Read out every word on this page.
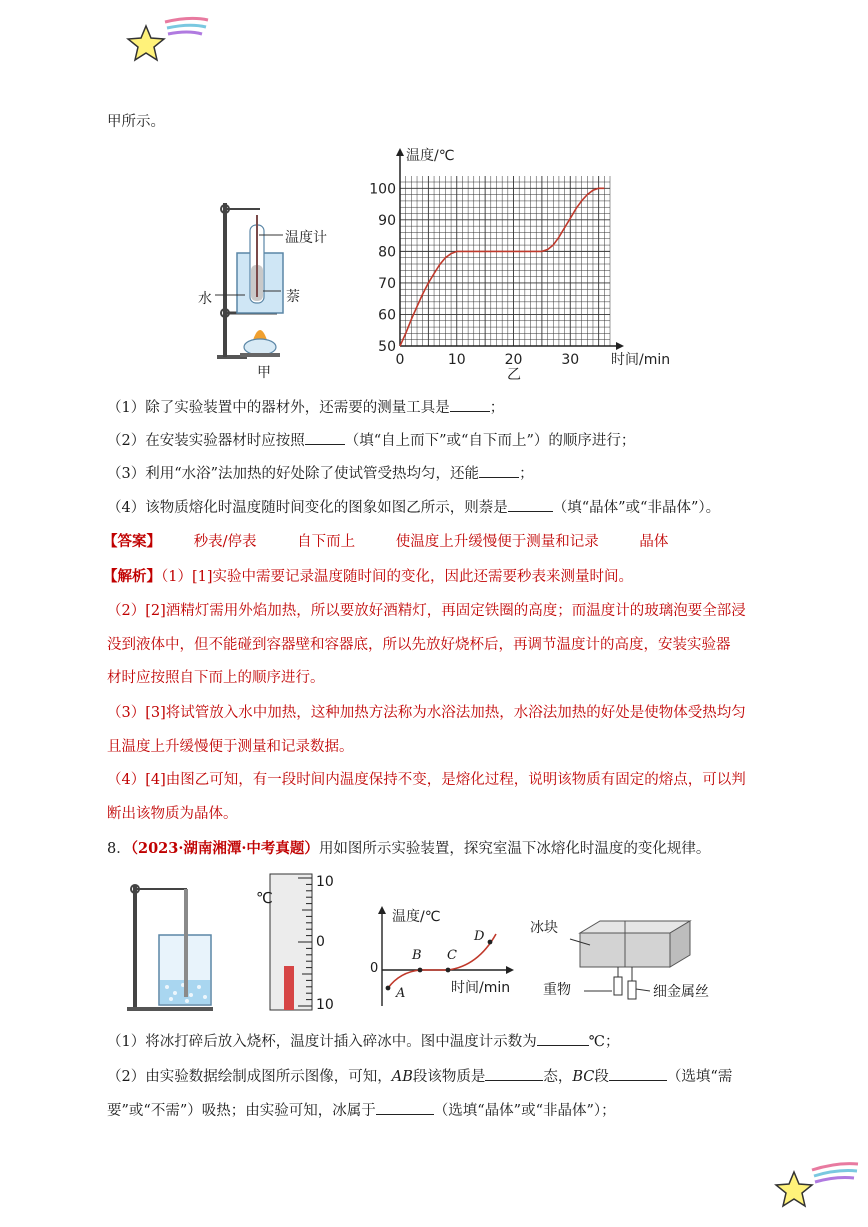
甲所示。
温度计
萘
水
甲
50
60
70
80
90
100
0	10	20	30
温度/℃
时间/min
乙
（1）除了实验装置中的器材外，还需要的测量工具是	；
（2）在安装实验器材时应按照	（填“自上而下”或“自下而上”）的顺序进行；
（3）利用“水浴”法加热的好处除了使试管受热均匀，还能	；
（4）该物质熔化时温度随时间变化的图象如图乙所示，则萘是	（填“晶体”或“非晶体”）。
【答案】 秒表/停表	自下而上	使温度上升缓慢便于测量和记录	晶体
【解析】（1）[1]实验中需要记录温度随时间的变化，因此还需要秒表来测量时间。
（2）[2]酒精灯需用外焰加热，所以要放好酒精灯，再固定铁圈的高度；而温度计的玻璃泡要全部浸
没到液体中，但不能碰到容器壁和容器底，所以先放好烧杯后，再调节温度计的高度，安装实验器
材时应按照自下而上的顺序进行。
（3）[3]将试管放入水中加热，这种加热方法称为水浴法加热，水浴法加热的好处是使物体受热均匀
且温度上升缓慢便于测量和记录数据。
（4）[4]由图乙可知，有一段时间内温度保持不变，是熔化过程，说明该物质有固定的熔点，可以判
断出该物质为晶体。
8．（2023·湖南湘潭·中考真题）用如图所示实验装置，探究室温下冰熔化时温度的变化规律。
℃
10
0
10
温度/℃
时间/min
0
A
B C
D
冰块
重物	细金属丝
（1）将冰打碎后放入烧杯，温度计插入碎冰中。图中温度计示数为	℃；
（2）由实验数据绘制成图所示图像，可知，AB段该物质是	态，BC段	（选填“需
要”或“不需”）吸热；由实验可知，冰属于	（选填“晶体”或“非晶体”）；
